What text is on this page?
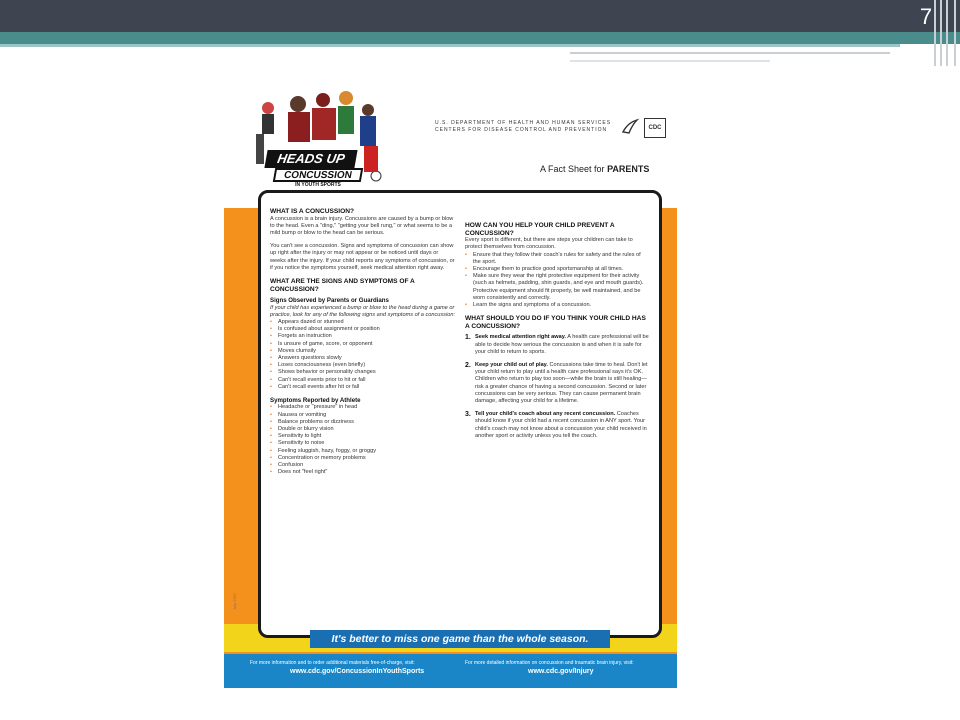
7
HEADS UP
CONCUSSION
IN YOUTH SPORTS
U.S. DEPARTMENT OF HEALTH AND HUMAN SERVICES
CENTERS FOR DISEASE CONTROL AND PREVENTION	CDC
A Fact Sheet for PARENTS
WHAT IS A CONCUSSION?

A concussion is a brain injury. Concussions are caused by a bump or blow to the head. Even a "ding," "getting your bell rung," or what seems to be a mild bump or blow to the head can be serious.

You can't see a concussion. Signs and symptoms of concussion can show up right after the injury or may not appear or be noticed until days or weeks after the injury. If your child reports any symptoms of concussion, or if you notice the symptoms yourself, seek medical attention right away.

WHAT ARE THE SIGNS AND SYMPTOMS OF A CONCUSSION?
Signs Observed by Parents or Guardians

If your child has experienced a bump or blow to the head during a game or practice, look for any of the following signs and symptoms of a concussion:

• Appears dazed or stunned
• Is confused about assignment or position
• Forgets an instruction
• Is unsure of game, score, or opponent
• Moves clumsily
• Answers questions slowly
• Loses consciousness (even briefly)
• Shows behavior or personality changes
• Can't recall events prior to hit or fall
• Can't recall events after hit or fall
Symptoms Reported by Athlete
• Headache or "pressure" in head
• Nausea or vomiting
• Balance problems or dizziness
• Double or blurry vision
• Sensitivity to light
• Sensitivity to noise
• Feeling sluggish, hazy, foggy, or groggy
• Concentration or memory problems
• Confusion
• Does not "feel right"
HOW CAN YOU HELP YOUR CHILD PREVENT A CONCUSSION?

Every sport is different, but there are steps your children can take to protect themselves from concussion.

• Ensure that they follow their coach's rules for safety and the rules of the sport.
• Encourage them to practice good sportsmanship at all times.
• Make sure they wear the right protective equipment for their activity (such as helmets, padding, shin guards, and eye and mouth guards). Protective equipment should fit properly, be well maintained, and be worn consistently and correctly.
• Learn the signs and symptoms of a concussion.
WHAT SHOULD YOU DO IF YOU THINK YOUR CHILD HAS A CONCUSSION?
1. Seek medical attention right away. A health care professional will be able to decide how serious the concussion is and when it is safe for your child to return to sports.
2. Keep your child out of play. Concussions take time to heal. Don't let your child return to play until a health care professional says it's OK. Children who return to play too soon—while the brain is still healing—risk a greater chance of having a second concussion. Second or later concussions can be very serious. They can cause permanent brain damage, affecting your child for a lifetime.
3. Tell your child's coach about any recent concussion. Coaches should know if your child had a recent concussion in ANY sport. Your child's coach may not know about a concussion your child received in another sport or activity unless you tell the coach.
It's better to miss one game than the whole season.
For more information and to order additional materials free-of-charge, visit:
www.cdc.gov/ConcussionInYouthSports
For more detailed information on concussion and traumatic brain injury, visit:
www.cdc.gov/Injury
July 2007
